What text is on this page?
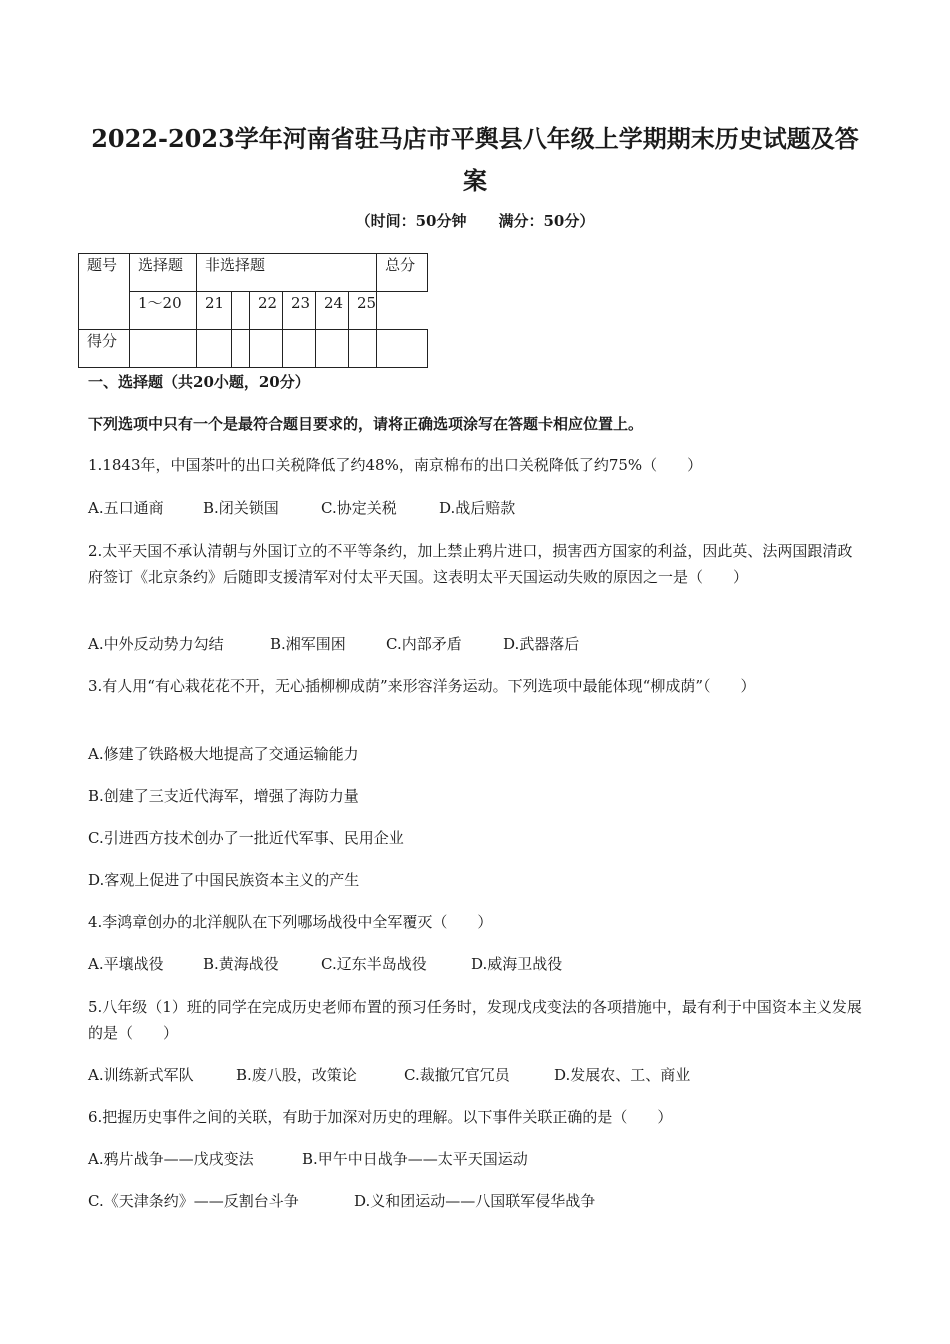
2022-2023学年河南省驻马店市平舆县八年级上学期期末历史试题及答案
（时间：50分钟 满分：50分）
题号	选择题	非选择题						总分
	1～20	21		22	23	24	25	
得分								
一、选择题（共20小题，20分）
下列选项中只有一个是最符合题目要求的，请将正确选项涂写在答题卡相应位置上。
1.1843年，中国茶叶的出口关税降低了约48%，南京棉布的出口关税降低了约75%（　　）
A.五口通商	B.闭关锁国	C.协定关税	D.战后赔款
2.太平天国不承认清朝与外国订立的不平等条约，加上禁止鸦片进口，损害西方国家的利益，因此英、法两国跟清政府签订《北京条约》后随即支援清军对付太平天国。这表明太平天国运动失败的原因之一是（　　）
A.中外反动势力勾结	B.湘军围困	C.内部矛盾	D.武器落后
3.有人用“有心栽花花不开，无心插柳柳成荫”来形容洋务运动。下列选项中最能体现“柳成荫”（　　）
A.修建了铁路极大地提高了交通运输能力
B.创建了三支近代海军，增强了海防力量
C.引进西方技术创办了一批近代军事、民用企业
D.客观上促进了中国民族资本主义的产生
4.李鸿章创办的北洋舰队在下列哪场战役中全军覆灭（　　）
A.平壤战役	B.黄海战役	C.辽东半岛战役	D.威海卫战役
5.八年级（1）班的同学在完成历史老师布置的预习任务时，发现戊戌变法的各项措施中，最有利于中国资本主义发展的是（　　）
A.训练新式军队	B.废八股，改策论	C.裁撤冗官冗员	D.发展农、工、商业
6.把握历史事件之间的关联，有助于加深对历史的理解。以下事件关联正确的是（　　）
A.鸦片战争——戊戌变法	B.甲午中日战争——太平天国运动
C.《天津条约》——反割台斗争	D.义和团运动——八国联军侵华战争
